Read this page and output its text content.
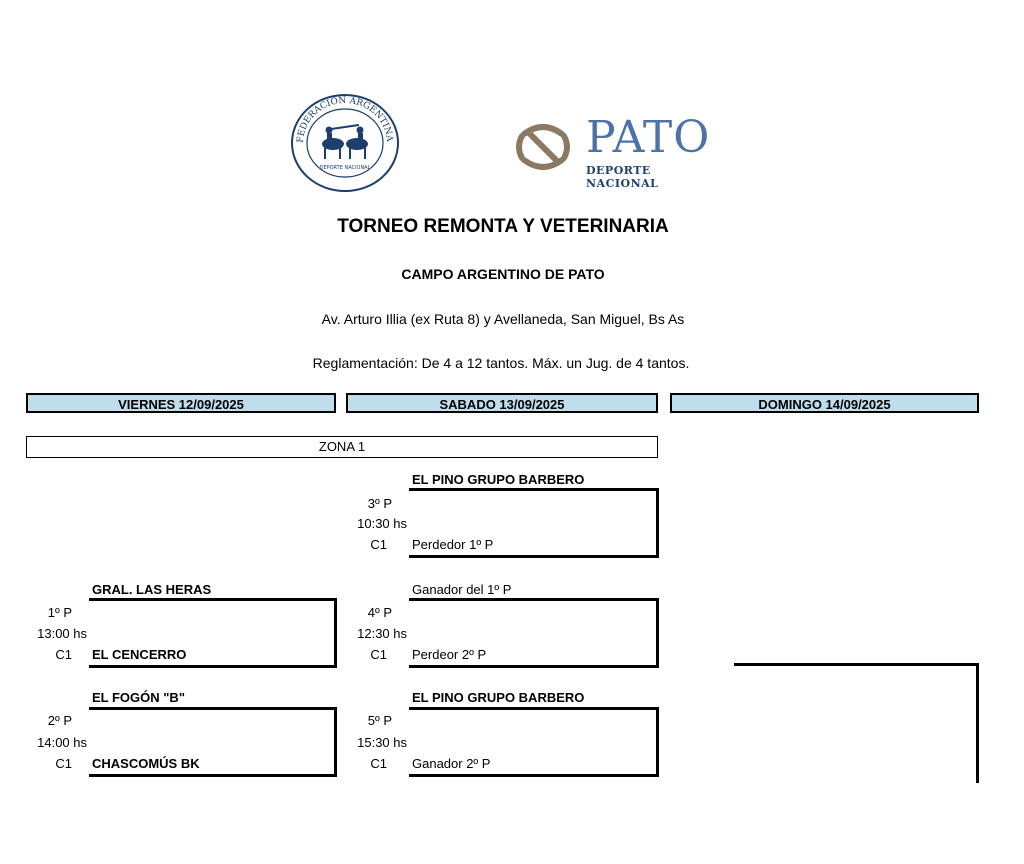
FEDERACION ARGENTINA
DEPORTE NACIONAL
PATO
DEPORTE NACIONAL
TORNEO REMONTA Y VETERINARIA
CAMPO ARGENTINO DE PATO
Av. Arturo Illia (ex Ruta 8) y Avellaneda, San Miguel, Bs As
Reglamentación: De 4 a 12 tantos. Máx. un Jug. de 4 tantos.
VIERNES 12/09/2025	SABADO 13/09/2025	DOMINGO 14/09/2025
ZONA 1
EL PINO GRUPO BARBERO
3º P
10:30 hs
C1 Perdedor 1º P
GRAL. LAS HERAS
1º P
13:00 hs
C1 EL CENCERRO
Ganador del 1º P
4º P
12:30 hs
C1 Perdeor 2º P
EL FOGÓN "B"
2º P
14:00 hs
C1 CHASCOMÚS BK
EL PINO GRUPO BARBERO
5º P
15:30 hs
C1 Ganador 2º P
